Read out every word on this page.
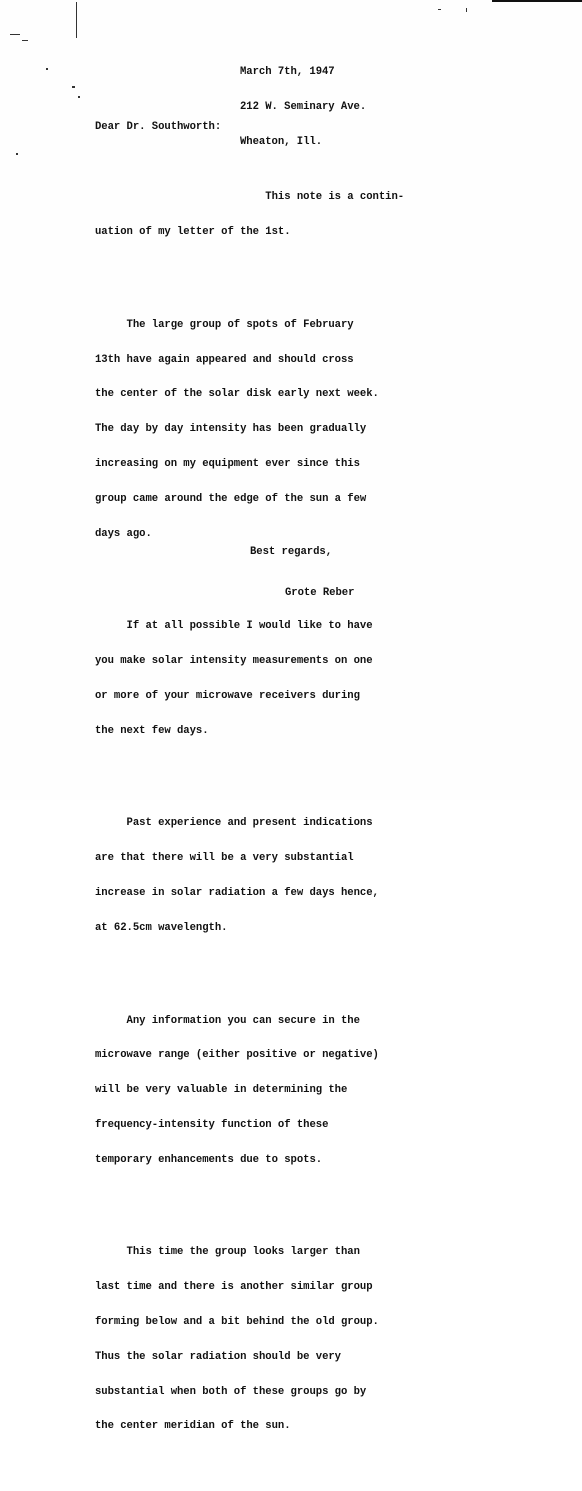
March 7th, 1947

212 W. Seminary Ave.

Wheaton, Ill.

Dear Dr. Southworth:

This note is a contin-

uation of my letter of the 1st.

The large group of spots of February

13th have again appeared and should cross

the center of the solar disk early next week.

The day by day intensity has been gradually

increasing on my equipment ever since this

group came around the edge of the sun a few

days ago.

If at all possible I would like to have

you make solar intensity measurements on one

or more of your microwave receivers during

the next few days.

Past experience and present indications

are that there will be a very substantial

increase in solar radiation a few days hence,

at 62.5cm wavelength.

Any information you can secure in the

microwave range (either positive or negative)

will be very valuable in determining the

frequency-intensity function of these

temporary enhancements due to spots.

This time the group looks larger than

last time and there is another similar group

forming below and a bit behind the old group.

Thus the solar radiation should be very

substantial when both of these groups go by

the center meridian of the sun.

Best regards,
Grote Reber
